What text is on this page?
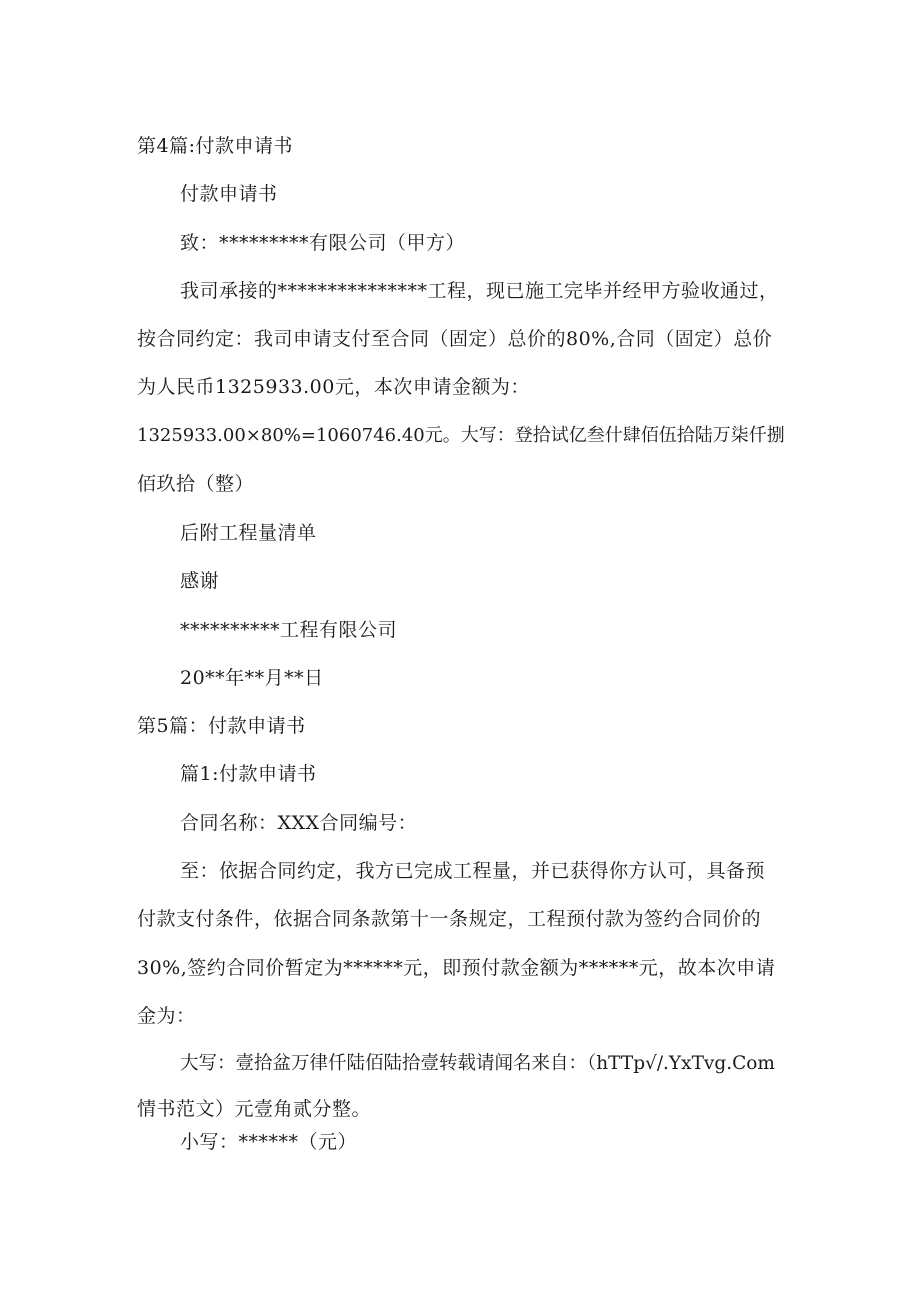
第4篇:付款申请书
付款申请书
致：*********有限公司（甲方）
我司承接的***************工程，现已施工完毕并经甲方验收通过，
按合同约定：我司申请支付至合同（固定）总价的80%,合同（固定）总价
为人民币1325933.00元，本次申请金额为：
1325933.00×80%=1060746.40元。大写：登拾试亿叁什肆佰伍拾陆万柒仟捌
佰玖拾（整）
后附工程量清单
感谢
**********工程有限公司
20**年**月**日
第5篇：付款申请书
篇1:付款申请书
合同名称：XXX合同编号：
至：依据合同约定，我方已完成工程量，并已获得你方认可，具备预
付款支付条件，依据合同条款第十一条规定，工程预付款为签约合同价的
30%,签约合同价暂定为******元，即预付款金额为******元，故本次申请
金为：
大写：壹拾盆万律仟陆佰陆拾壹转载请闻名来自：（hTTp√/.YxTvg.Com
情书范文）元壹角贰分整。
小写：******（元）
